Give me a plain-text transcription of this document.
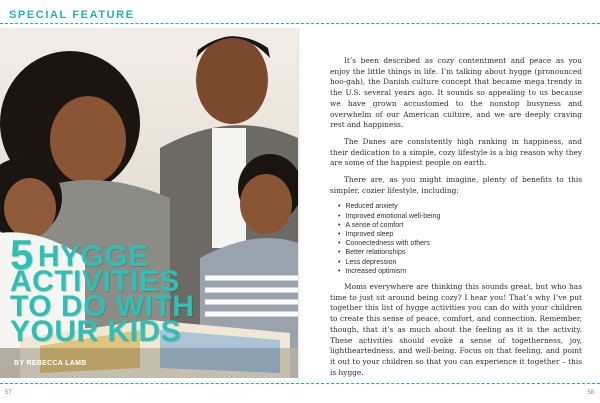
SPECIAL FEATURE
5 HYGGE
ACTIVITIES
TO DO WITH
YOUR KIDS
BY REBECCA LAMB

It’s been described as cozy contentment and peace as you enjoy the little things in life. I’m talking about hygge (pronounced hoo-gah), the Danish culture concept that became mega trendy in the U.S. several years ago. It sounds so appealing to us because we have grown accustomed to the nonstop busyness and overwhelm of our American culture, and we are deeply craving rest and happiness.

The Danes are consistently high ranking in happiness, and their dedication to a simple, cozy lifestyle is a big reason why they are some of the happiest people on earth.

There are, as you might imagine, plenty of benefits to this simpler, cozier lifestyle, including:

• Reduced anxiety
• Improved emotional well-being
• A sense of comfort
• Improved sleep
• Connectedness with others
• Better relationships
• Less depression
• Increased optimism

Moms everywhere are thinking this sounds great, but who has time to just sit around being cozy? I hear you! That’s why I’ve put together this list of hygge activities you can do with your children to create this sense of peace, comfort, and connection. Remember, though, that it’s as much about the feeling as it is the activity. These activities should evoke a sense of togetherness, joy, lightheartedness, and well-being. Focus on that feeling, and point it out to your children so that you can experience it together – this is hygge.

57	58
